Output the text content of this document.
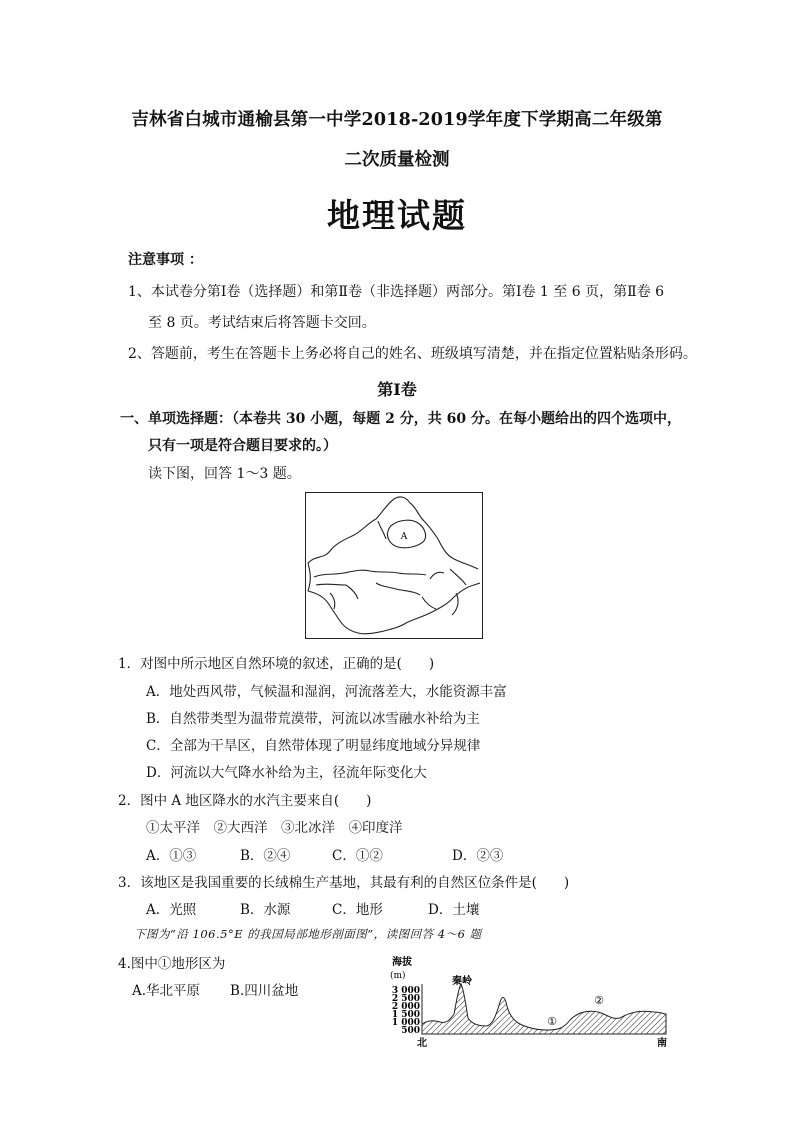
吉林省白城市通榆县第一中学2018-2019学年度下学期高二年级第
二次质量检测
地理试题
注意事项 ：
1、本试卷分第Ⅰ卷（选择题）和第Ⅱ卷（非选择题）两部分。第Ⅰ卷 1 至 6 页，第Ⅱ卷 6
至 8 页。考试结束后将答题卡交回。
2、答题前，考生在答题卡上务必将自己的姓名、班级填写清楚，并在指定位置粘贴条形码。
第Ⅰ卷
一、单项选择题：（本卷共 30 小题，每题 2 分，共 60 分。在每小题给出的四个选项中，
只有一项是符合题目要求的。）
读下图，回答 1～3 题。
A
1．对图中所示地区自然环境的叙述，正确的是(　　)
A．地处西风带，气候温和湿润，河流落差大，水能资源丰富
B．自然带类型为温带荒漠带，河流以冰雪融水补给为主
C．全部为干旱区，自然带体现了明显纬度地域分异规律
D．河流以大气降水补给为主，径流年际变化大
2．图中 A 地区降水的水汽主要来自(　　)
①太平洋　②大西洋　③北冰洋　④印度洋
A．①③	B．②④	C．①②	D．②③
3．该地区是我国重要的长绒棉生产基地，其最有利的自然区位条件是(　　)
A．光照	B．水源	C．地形	D．土壤
下图为“沿 106.5°E 的我国局部地形剖面图”，读图回答 4～6 题
4.图中①地形区为
A.华北平原 B.四川盆地
海拔
(m)
3 000
2 500
2 000
1 500
1 000
500
秦岭
①
②
北	南
